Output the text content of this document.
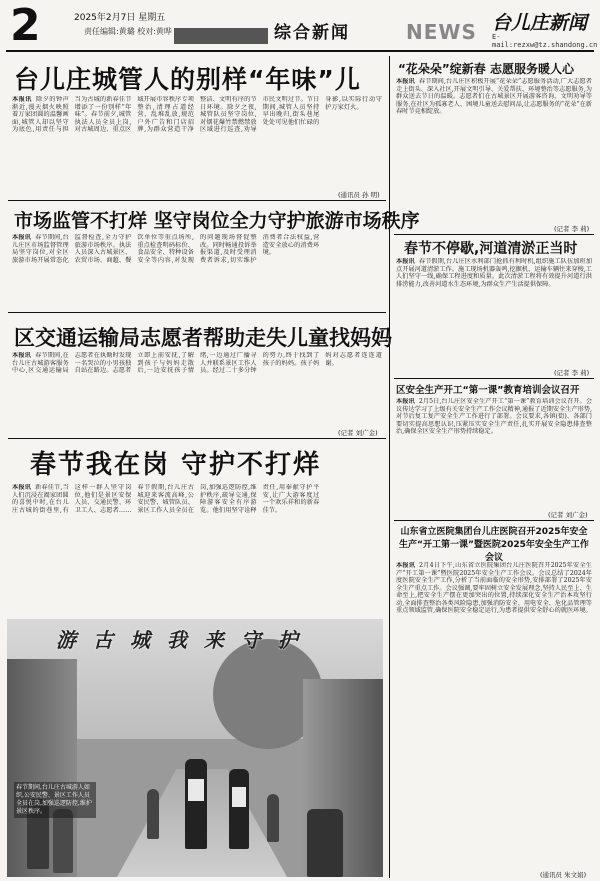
2	2025年2月7日 星期五
责任编辑:黄璐 校对:黄哗	综合新闻	NEWS 台儿庄新闻
E-mail:rezxw@tz.shandong.cn
台儿庄城管人的别样“年味”儿
本报讯 除夕的钟声渐近,漫天烟火映照着万家团圆的温馨画面,城管人却以坚守为底色,用责任与担当为古城的新春佳节增添了一份别样“年味”。春节前夕,城管执法人员全员上岗,对古城周边、重点区域开展市容秩序专项整治,清理占道经营、乱堆乱放,规范户外广告和门店招牌,为群众营造干净整洁、文明有序的节日环境。除夕之夜,城管队员坚守岗位,对烟花爆竹禁燃禁放区域进行巡查,劝导市民文明过节。节日期间,城管人员坚持早出晚归,街头巷尾处处可见他们忙碌的身影,以实际行动守护万家灯火。
(通讯员 孙 明)
市场监管不打烊 坚守岗位全力守护旅游市场秩序
本报讯 春节期间,台儿庄区市场监督管理局坚守岗位,对全区旅游市场开展常态化监督检查,全力守护旅游市场秩序。执法人员深入古城景区、农贸市场、商超、餐饮单位等重点场所,重点检查明码标价、食品安全、特种设备安全等内容,对发现的问题现场督促整改。同时畅通投诉举报渠道,及时受理消费者诉求,切实维护消费者合法权益,营造安全放心的消费环境。
区交通运输局志愿者帮助走失儿童找妈妈
本报讯 春节期间,在台儿庄古城游客服务中心,区交通运输局志愿者在执勤时发现一名哭泣的小男孩独自站在路边。志愿者立即上前安抚,了解到孩子与妈妈走散后,一边安抚孩子情绪,一边通过广播寻人并联系景区工作人员。经过二十多分钟的努力,终于找到了孩子的妈妈。孩子妈妈对志愿者连连道谢。
(记者 刘广金)
春节我在岗 守护不打烊
本报讯 新春佳节,当人们沉浸在阖家团圆的喜悦中时,在台儿庄古城的街巷里,有这样一群人坚守岗位,他们是景区安保人员、交通民警、环卫工人、志愿者……春节假期,台儿庄古城迎来客流高峰,公安民警、城管队员、景区工作人员全员在岗,加强巡逻防控,维护秩序,疏导交通,保障游客安全有序游览。他们用坚守诠释责任,用奉献守护平安,让广大游客度过一个欢乐祥和的新春佳节。
游 古 城 我 来 守 护
春节期间,台儿庄古城游人如织,公安民警、景区工作人员全员在岗,加强巡逻防控,维护景区秩序。
“花朵朵”绽新春 志愿服务暖人心
本报讯 春节期间,台儿庄区积极开展“花朵朵”志愿服务活动,广大志愿者走上街头、深入社区,开展文明引导、关爱帮扶、环境整治等志愿服务,为群众送去节日的温暖。志愿者们在古城景区开展游客咨询、文明劝导等服务,在社区为孤寡老人、困境儿童送去慰问品,让志愿服务的“花朵”在新春时节竞相绽放。
(记者 李 莉)
春节不停歇,河道清淤正当时
本报讯 春节假期,台儿庄区水利部门抢抓有利时机,组织施工队伍加班加点开展河道清淤工作。施工现场机器轰鸣,挖掘机、运输车辆往来穿梭,工人们坚守一线,确保工程进度和质量。此次清淤工程将有效提升河道行洪排涝能力,改善河道水生态环境,为群众生产生活提供保障。
(记者 李 莉)
区安全生产开工“第一课”教育培训会议召开
本报讯 2月5日,台儿庄区安全生产开工“第一课”教育培训会议召开。会议传达学习了上级有关安全生产工作会议精神,通报了近期安全生产形势,对节后复工复产安全生产工作进行了部署。会议要求,各镇(街)、各部门要切实提高思想认识,压紧压实安全生产责任,扎实开展安全隐患排查整治,确保全区安全生产形势持续稳定。
(记者 刘广金)
山东省立医院集团台儿庄医院召开2025年安全生产“开工第一课”暨医院2025年安全生产工作会议
本报讯 2月4日下午,山东省立医院集团台儿庄医院召开2025年安全生产“开工第一课”暨医院2025年安全生产工作会议。会议总结了2024年度医院安全生产工作,分析了当前面临的安全形势,安排部署了2025年安全生产重点工作。会议强调,要牢固树立安全发展理念,坚持人民至上、生命至上,把安全生产摆在更加突出的位置,持续深化安全生产治本攻坚行动,全面排查整治各类风险隐患,加强消防安全、用电安全、危化品管理等重点领域监管,确保医院安全稳定运行,为患者提供安全舒心的就医环境。
(通讯员 朱文娟)
